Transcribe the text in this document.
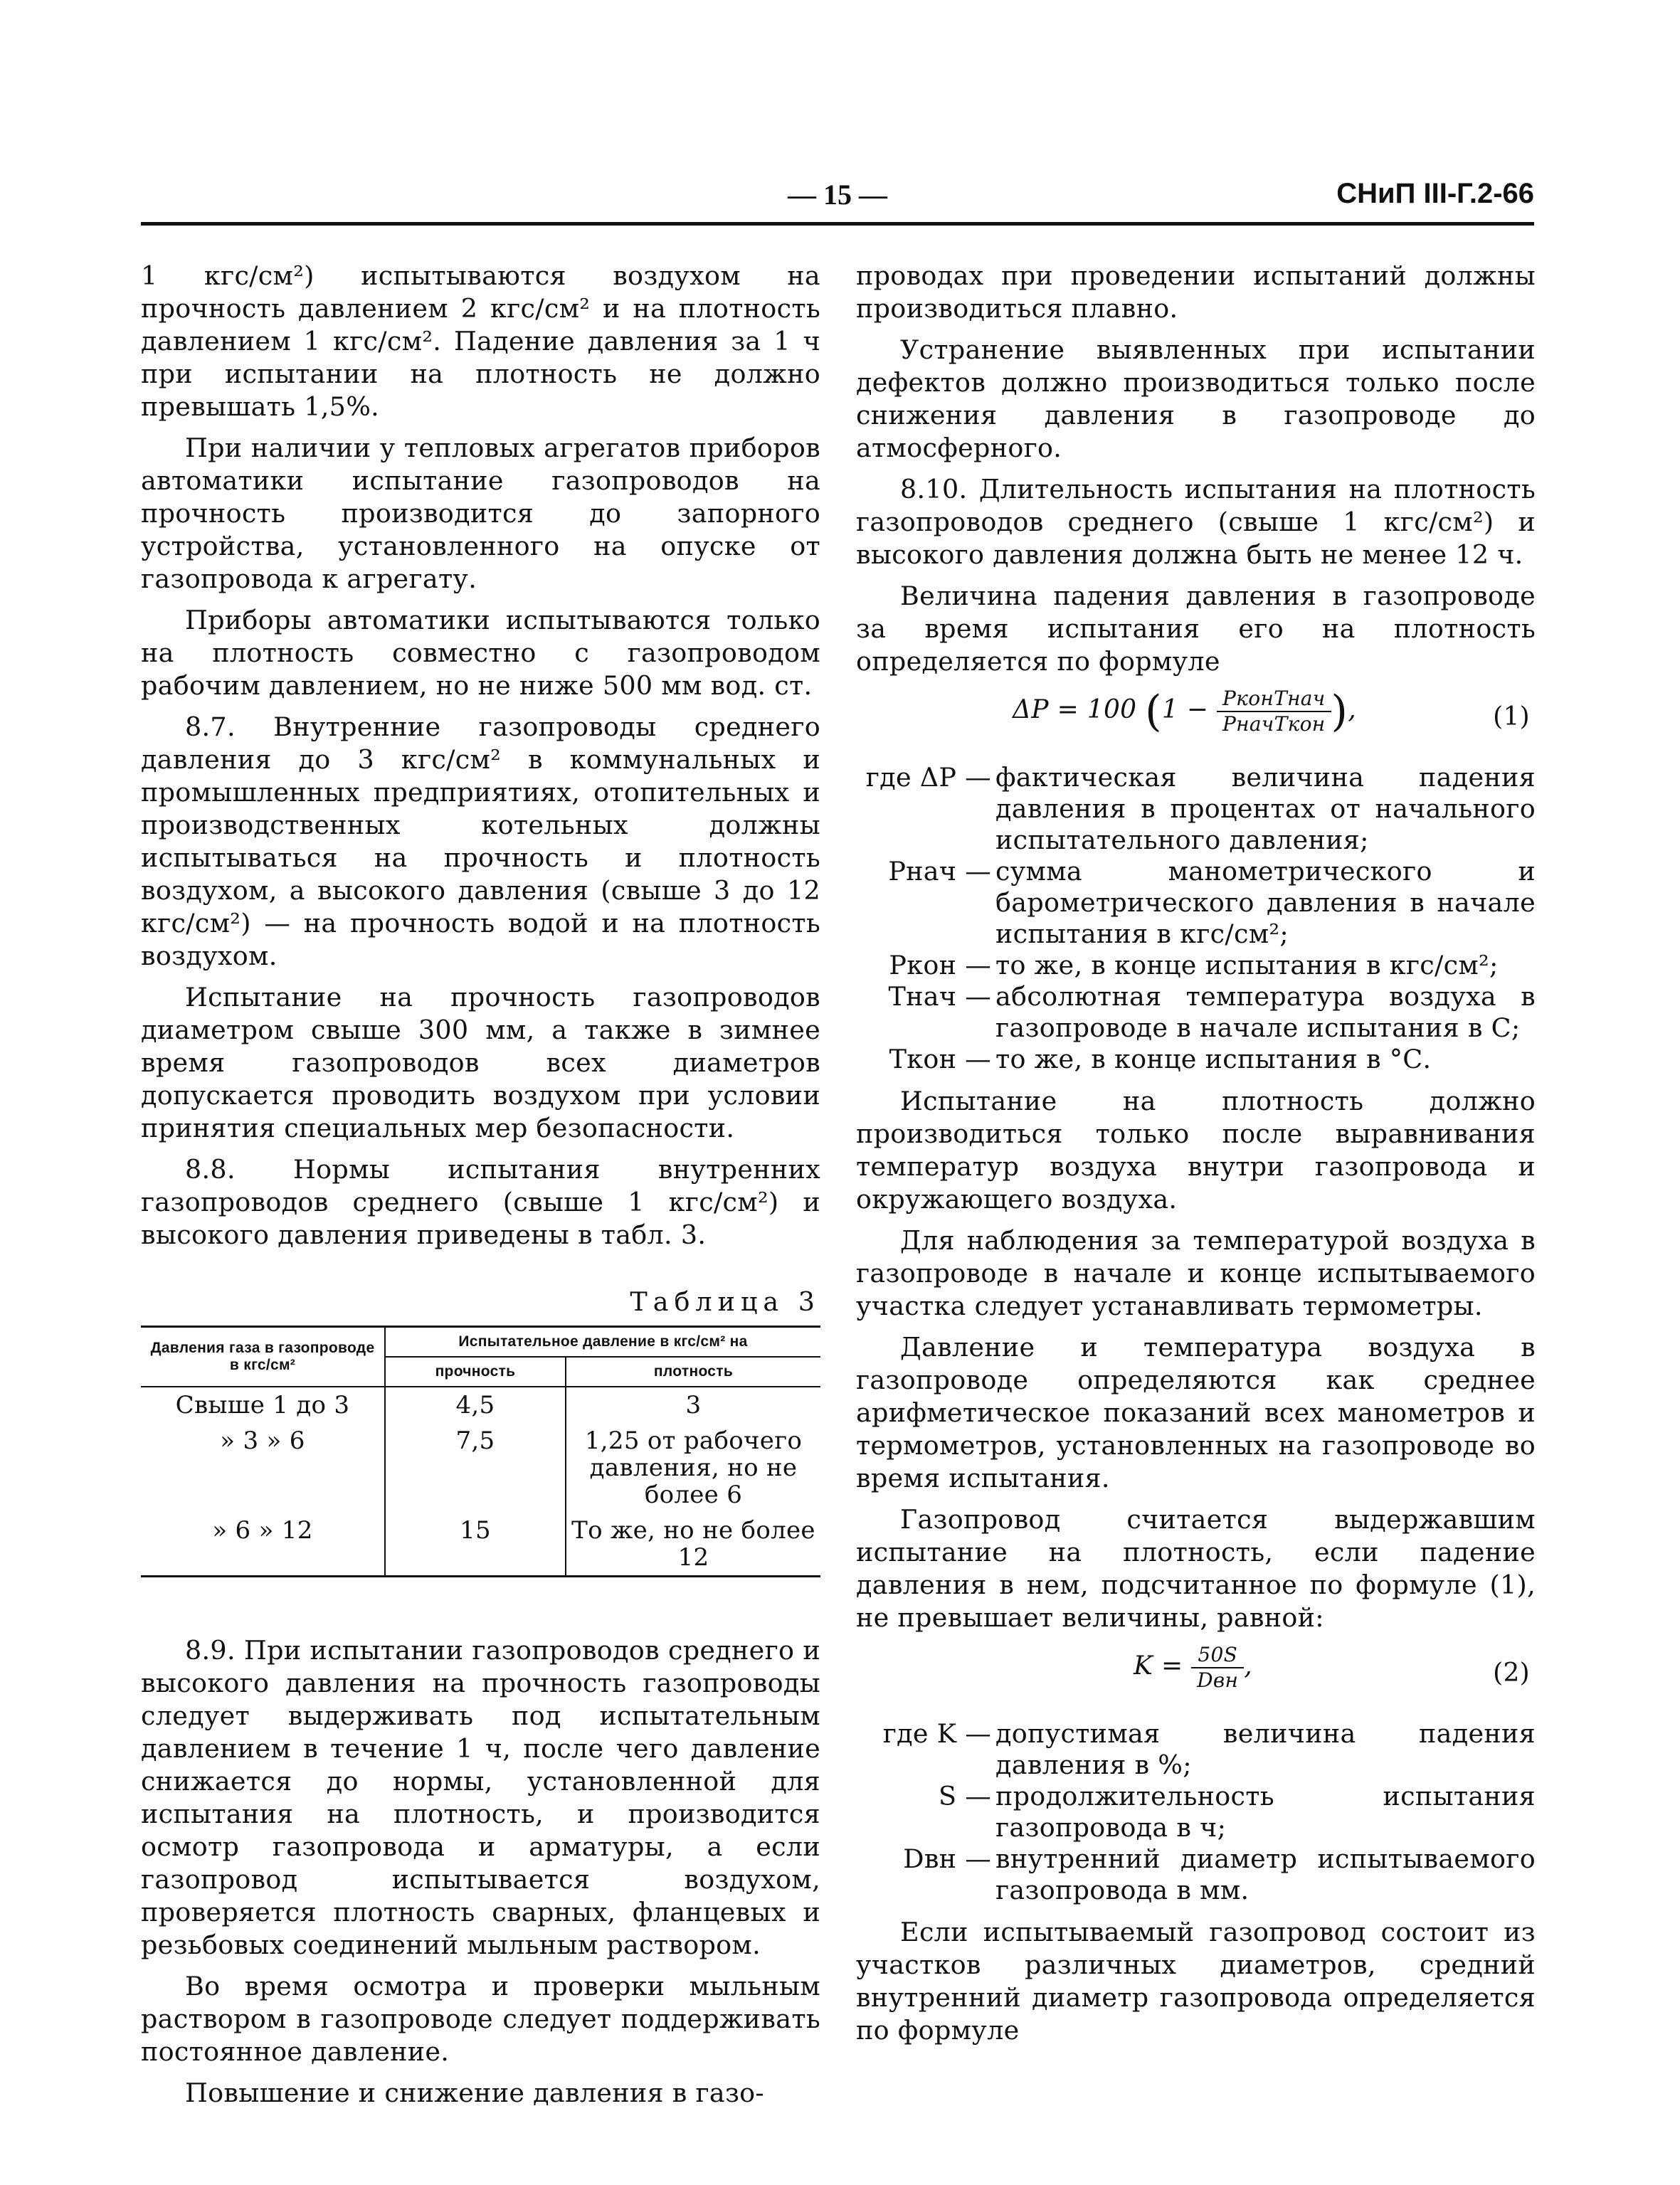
— 15 —	СНиП III-Г.2-66

1 кгс/см²) испытываются воздухом на прочность давлением 2 кгс/см² и на плотность давлением 1 кгс/см². Падение давления за 1 ч при испытании на плотность не должно превышать 1,5%.

При наличии у тепловых агрегатов приборов автоматики испытание газопроводов на прочность производится до запорного устройства, установленного на опуске от газопровода к агрегату.

Приборы автоматики испытываются только на плотность совместно с газопроводом рабочим давлением, но не ниже 500 мм вод. ст.

8.7. Внутренние газопроводы среднего давления до 3 кгс/см² в коммунальных и промышленных предприятиях, отопительных и производственных котельных должны испытываться на прочность и плотность воздухом, а высокого давления (свыше 3 до 12 кгс/см²) — на прочность водой и на плотность воздухом.

Испытание на прочность газопроводов диаметром свыше 300 мм, а также в зимнее время газопроводов всех диаметров допускается проводить воздухом при условии принятия специальных мер безопасности.

8.8. Нормы испытания внутренних газопроводов среднего (свыше 1 кгс/см²) и высокого давления приведены в табл. 3.

Таблица 3
Давления газа в газопроводе в кгс/см²	Испытательное давление в кгс/см² на	
	прочность	плотность
Свыше 1 до 3	4,5	3
» 3 » 6	7,5	1,25 от рабочего давления, но не более 6
» 6 » 12	15	То же, но не более 12

8.9. При испытании газопроводов среднего и высокого давления на прочность газопроводы следует выдерживать под испытательным давлением в течение 1 ч, после чего давление снижается до нормы, установленной для испытания на плотность, и производится осмотр газопровода и арматуры, а если газопровод испытывается воздухом, проверяется плотность сварных, фланцевых и резьбовых соединений мыльным раствором.

Во время осмотра и проверки мыльным раствором в газопроводе следует поддерживать постоянное давление.

Повышение и снижение давления в газо-

проводах при проведении испытаний должны производиться плавно.

Устранение выявленных при испытании дефектов должно производиться только после снижения давления в газопроводе до атмосферного.

8.10. Длительность испытания на плотность газопроводов среднего (свыше 1 кгс/см²) и высокого давления должна быть не менее 12 ч.

Величина падения давления в газопроводе за время испытания его на плотность определяется по формуле

ΔP = 100 ($1 - \frac{\text{PконTнач}}{\text{PначTкон}}$ ),	(1)
где ΔP —	фактическая величина падения давления в процентах от начального испытательного давления;
Pнач —	сумма манометрического и барометрического давления в начале испытания в кгс/см²;
Pкон —	то же, в конце испытания в кгс/см²;
Tнач —	абсолютная температура воздуха в газопроводе в начале испытания в С;
Tкон —	то же, в конце испытания в °С.

Испытание на плотность должно производиться только после выравнивания температур воздуха внутри газопровода и окружающего воздуха.

Для наблюдения за температурой воздуха в газопроводе в начале и конце испытываемого участка следует устанавливать термометры.

Давление и температура воздуха в газопроводе определяются как среднее арифметическое показаний всех манометров и термометров, установленных на газопроводе во время испытания.

Газопровод считается выдержавшим испытание на плотность, если падение давления в нем, подсчитанное по формуле (1), не превышает величины, равной:

$K = \frac{50S}{\text{Dвн}}$ ,	(2)
где K —	допустимая величина падения давления в %;
S —	продолжительность испытания газопровода в ч;
Dвн —	внутренний диаметр испытываемого газопровода в мм.

Если испытываемый газопровод состоит из участков различных диаметров, средний внутренний диаметр газопровода определяется по формуле
